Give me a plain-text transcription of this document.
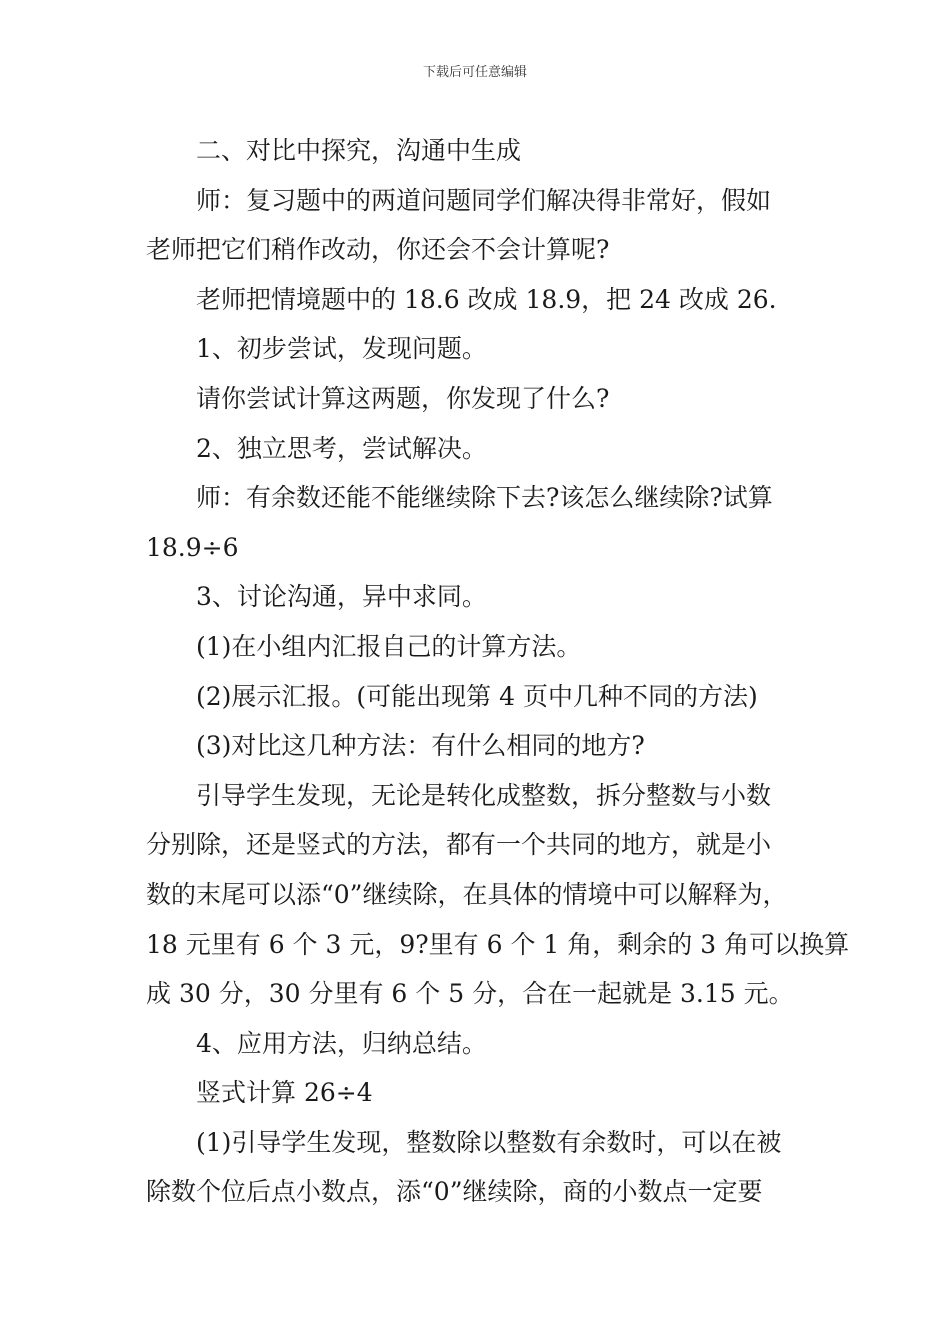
下载后可任意编辑

二、对比中探究，沟通中生成

师：复习题中的两道问题同学们解决得非常好，假如

老师把它们稍作改动，你还会不会计算呢?

老师把情境题中的 18.6 改成 18.9，把 24 改成 26.

1、初步尝试，发现问题。

请你尝试计算这两题，你发现了什么?

2、独立思考，尝试解决。

师：有余数还能不能继续除下去?该怎么继续除?试算

18.9÷6

3、讨论沟通，异中求同。

(1)在小组内汇报自己的计算方法。

(2)展示汇报。(可能出现第 4 页中几种不同的方法)

(3)对比这几种方法：有什么相同的地方?

引导学生发现，无论是转化成整数，拆分整数与小数

分别除，还是竖式的方法，都有一个共同的地方，就是小

数的末尾可以添“0”继续除，在具体的情境中可以解释为，

18 元里有 6 个 3 元，9?里有 6 个 1 角，剩余的 3 角可以换算

成 30 分，30 分里有 6 个 5 分，合在一起就是 3.15 元。

4、应用方法，归纳总结。

竖式计算 26÷4

(1)引导学生发现，整数除以整数有余数时，可以在被

除数个位后点小数点，添“0”继续除，商的小数点一定要
